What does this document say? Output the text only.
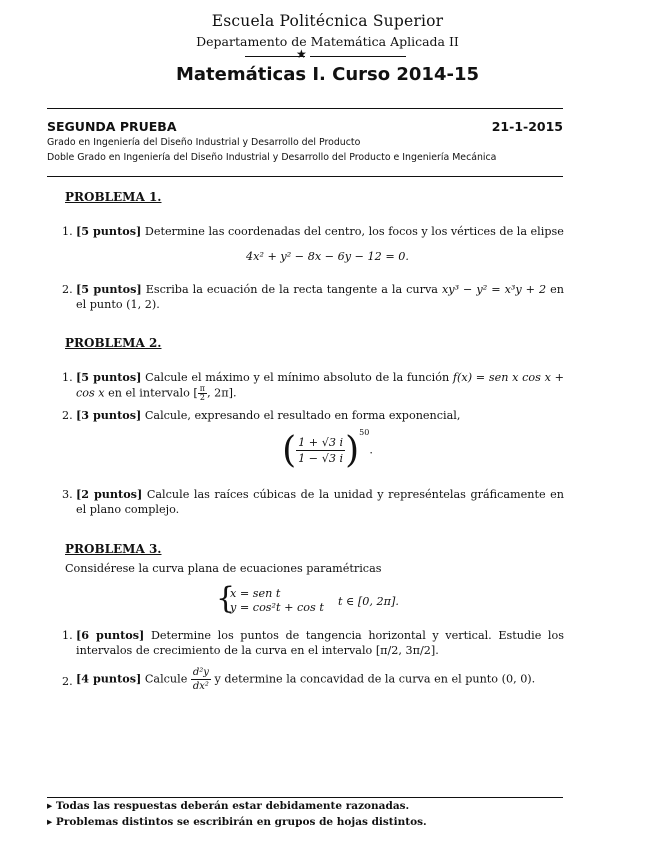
Escuela Politécnica Superior
Departamento de Matemática Aplicada II
★
Matemáticas I. Curso 2014-15
SEGUNDA PRUEBA	21-1-2015
Grado en Ingeniería del Diseño Industrial y Desarrollo del Producto
Doble Grado en Ingeniería del Diseño Industrial y Desarrollo del Producto e Ingeniería Mecánica
PROBLEMA 1.
1. [5 puntos] Determine las coordenadas del centro, los focos y los vértices de la elipse
4x² + y² − 8x − 6y − 12 = 0.
2. [5 puntos] Escriba la ecuación de la recta tangente a la curva xy³ − y² = x³y + 2 en el punto (1, 2).
PROBLEMA 2.
1. [5 puntos] Calcule el máximo y el mínimo absoluto de la función f(x) = sen x cos x + cos x en el intervalo [ $\frac{\pi}{2}$ , 2π].
2. [3 puntos] Calcule, expresando el resultado en forma exponencial,
( $\frac{1 + √3 i}{1 - √3 i} )^{50}$.
3. [2 puntos] Calcule las raíces cúbicas de la unidad y represéntelas gráficamente en el plano complejo.
PROBLEMA 3.
Considérese la curva plana de ecuaciones paramétricas
{
x = sen t
y = cos²t + cos t t ∈ [0, 2π].
1. [6 puntos] Determine los puntos de tangencia horizontal y vertical. Estudie los intervalos de crecimiento de la curva en el intervalo [π/2, 3π/2].
2. [4 puntos] Calcule $\frac{\text{d²y}}{\text{dx²}}$ y determine la concavidad de la curva en el punto (0, 0).
▸ Todas las respuestas deberán estar debidamente razonadas.
▸ Problemas distintos se escribirán en grupos de hojas distintos.
